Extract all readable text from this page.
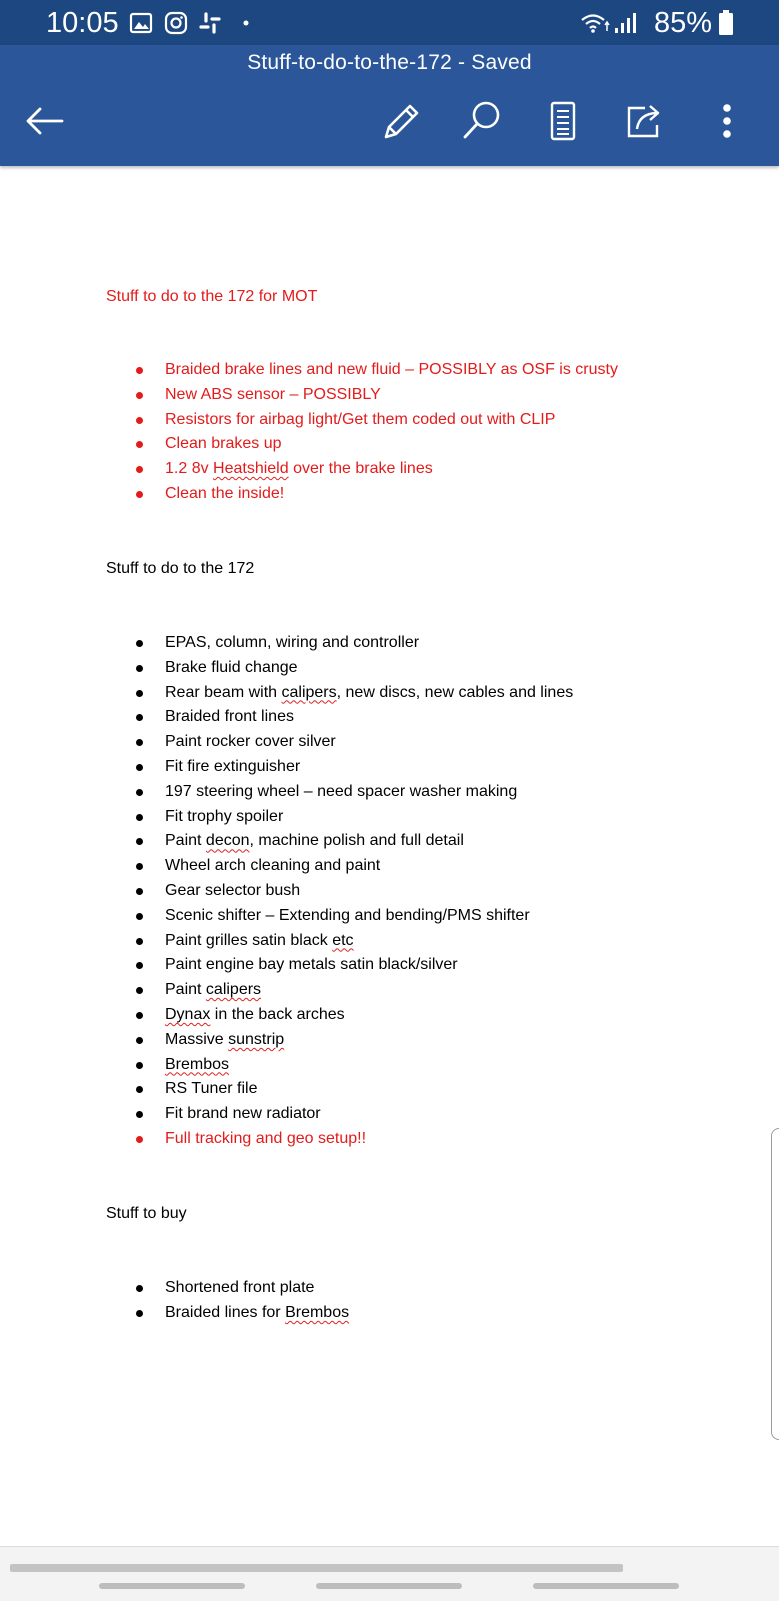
10:05	85%
Stuff-to-do-to-the-172 - Saved
Stuff to do to the 172 for MOT
Braided brake lines and new fluid – POSSIBLY as OSF is crusty
New ABS sensor – POSSIBLY
Resistors for airbag light/Get them coded out with CLIP
Clean brakes up
1.2 8v Heatshield over the brake lines
Clean the inside!
Stuff to do to the 172
EPAS, column, wiring and controller
Brake fluid change
Rear beam with calipers, new discs, new cables and lines
Braided front lines
Paint rocker cover silver
Fit fire extinguisher
197 steering wheel – need spacer washer making
Fit trophy spoiler
Paint decon, machine polish and full detail
Wheel arch cleaning and paint
Gear selector bush
Scenic shifter – Extending and bending/PMS shifter
Paint grilles satin black etc
Paint engine bay metals satin black/silver
Paint calipers
Dynax in the back arches
Massive sunstrip
Brembos
RS Tuner file
Fit brand new radiator
Full tracking and geo setup!!
Stuff to buy
Shortened front plate
Braided lines for Brembos
